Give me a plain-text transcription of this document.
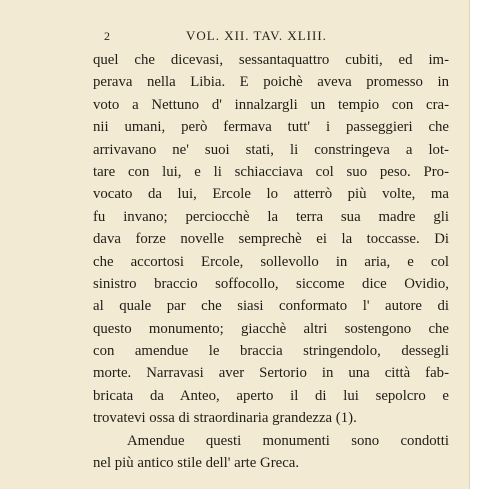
2	VOL. XII. TAV. XLIII.
quel che dicevasi, sessantaquattro cubiti, ed im-
perava nella Libia. E poichè aveva promesso in
voto a Nettuno d' innalzargli un tempio con cra-
nii umani, però fermava tutt' i passeggieri che
arrivavano ne' suoi stati, li constringeva a lot-
tare con lui, e li schiacciava col suo peso. Pro-
vocato da lui, Ercole lo atterrò più volte, ma
fu invano; perciocchè la terra sua madre gli
dava forze novelle semprechè ei la toccasse. Di
che accortosi Ercole, sollevollo in aria, e col
sinistro braccio soffocollo, siccome dice Ovidio,
al quale par che siasi conformato l' autore di
questo monumento; giacchè altri sostengono che
con amendue le braccia stringendolo, dessegli
morte. Narravasi aver Sertorio in una città fab-
bricata da Anteo, aperto il di lui sepolcro e
trovatevi ossa di straordinaria grandezza (1).
Amendue questi monumenti sono condotti
nel più antico stile dell' arte Greca.
